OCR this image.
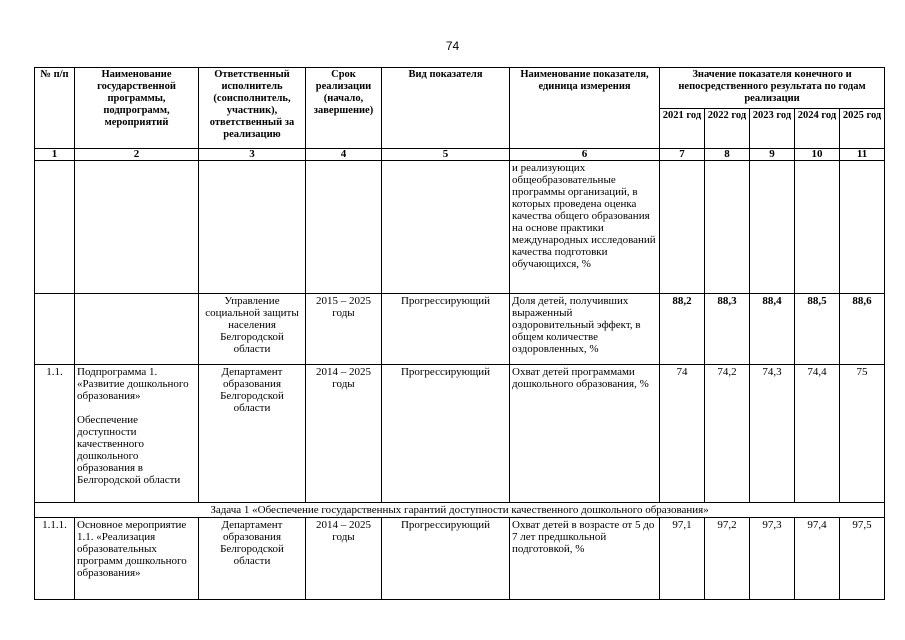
74
№ п/п	Наименование государственной программы, подпрограмм, мероприятий	Ответственный исполнитель (соисполнитель, участник), ответственный за реализацию	Срок реализации (начало, завершение)	Вид показателя	Наименование показателя, единица измерения	Значение показателя конечного и непосредственного результата по годам реализации				
						2021 год	2022 год	2023 год	2024 год	2025 год
1	2	3	4	5	6	7	8	9	10	11
					и реализующих общеобразовательные программы организаций, в которых проведена оценка качества общего образования на основе практики международных исследований качества подготовки обучающихся, %					
		Управление социальной защиты населения Белгородской области	2015 – 2025 годы	Прогрессирующий	Доля детей, получивших выраженный оздоровительный эффект, в общем количестве оздоровленных, %	88,2	88,3	88,4	88,5	88,6
1.1.	Подпрограмма 1. «Развитие дошкольного образования»
Обеспечение доступности качественного дошкольного образования в Белгородской области	Департамент образования Белгородской области	2014 – 2025 годы	Прогрессирующий	Охват детей программами дошкольного образования, %	74	74,2	74,3	74,4	75
Задача 1 «Обеспечение государственных гарантий доступности качественного дошкольного образования»										
1.1.1.	Основное мероприятие 1.1. «Реализация образовательных программ дошкольного образования»	Департамент образования Белгородской области	2014 – 2025 годы	Прогрессирующий	Охват детей в возрасте от 5 до 7 лет предшкольной подготовкой, %	97,1	97,2	97,3	97,4	97,5
